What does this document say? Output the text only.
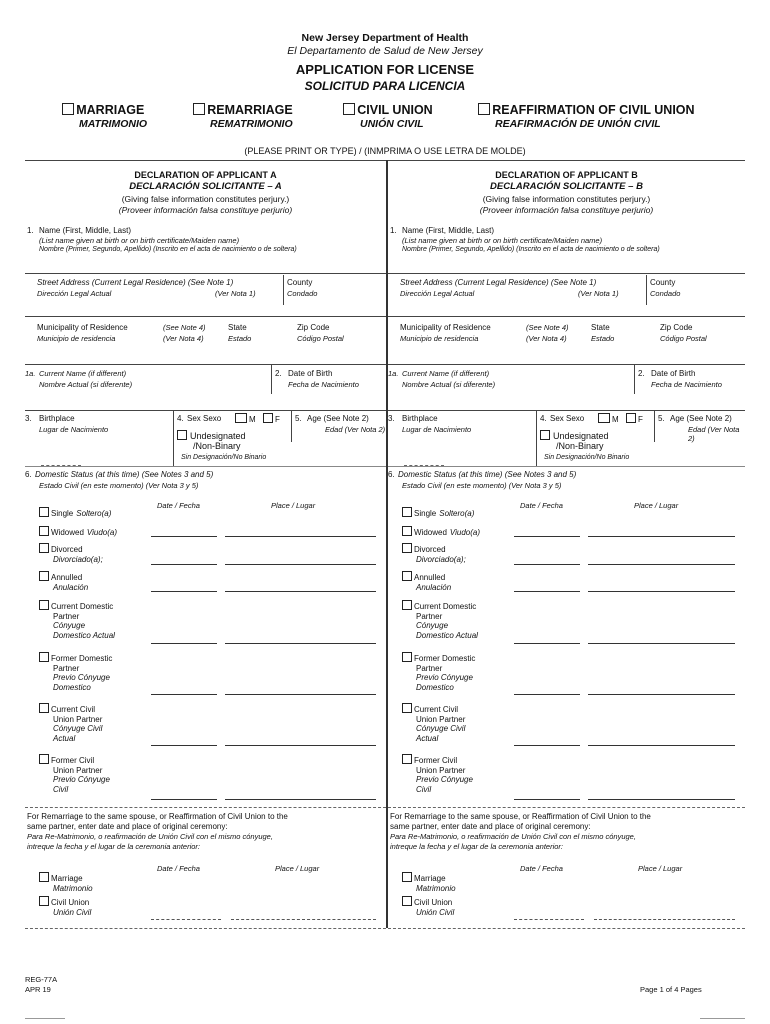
New Jersey Department of Health
El Departamento de Salud de New Jersey
APPLICATION FOR LICENSE
SOLICITUD PARA LICENCIA
MARRIAGE
MATRIMONIO
REMARRIAGE
REMATRIMONIO
CIVIL UNION
UNIÓN CIVIL
REAFFIRMATION OF CIVIL UNION
REAFIRMACIÓN DE UNIÓN CIVIL
(PLEASE PRINT OR TYPE) / (INMPRIMA O USE LETRA DE MOLDE)
DECLARATION OF APPLICANT A
DECLARACIÓN SOLICITANTE – A
(Giving false information constitutes perjury.)
(Proveer información falsa constituye perjurio)
1. Name (First, Middle, Last)
(List name given at birth or on birth certificate/Maiden name)
Nombre (Primer, Segundo, Apellido) (Inscrito en el acta de nacimiento o de soltera)
Street Address (Current Legal Residence) (See Note 1)
Dirección Legal Actual	(Ver Nota 1)
County
Condado
Municipality of Residence
Municipio de residencia
(See Note 4)
(Ver Nota 4)
State
Estado
Zip Code
Código Postal
1a. Current Name (if different)
Nombre Actual (si diferente)
2. Date of Birth
Fecha de Nacimiento
3. Birthplace
Lugar de Nacimiento
4. Sex Sexo	M	F
Undesignated
/Non-Binary
Sin Designación/No Binario
5. Age (See Note 2)
Edad (Ver Nota 2)
6. Domestic Status (at this time) (See Notes 3 and 5)
Estado Civil (en este momento) (Ver Nota 3 y 5)
Date / Fecha	Place / Lugar
Single Soltero(a)
Widowed Viudo(a)
Divorced
Divorciado(a);
Annulled
Anulación
Current Domestic
Partner
Cónyuge
Domestico Actual
Former Domestic
Partner
Previo Cónyuge
Domestico
Current Civil
Union Partner
Cónyuge Civil
Actual
Former Civil
Union Partner
Previo Cónyuge
Civil
For Remarriage to the same spouse, or Reaffirmation of Civil Union to the
same partner, enter date and place of original ceremony:
Para Re-Matrimonio, o reafirmación de Unión Civil con el mismo cónyuge,
intreque la fecha y el lugar de la ceremonia anterior:
Date / Fecha	Place / Lugar
Marriage
Matrimonio
Civil Union
Unión Civil
DECLARATION OF APPLICANT B
DECLARACIÓN SOLICITANTE – B
(Giving false information constitutes perjury.)
(Proveer información falsa constituye perjurio)
1. Name (First, Middle, Last)
(List name given at birth or on birth certificate/Maiden name)
Nombre (Primer, Segundo, Apellido) (Inscrito en el acta de nacimiento o de soltera)
Street Address (Current Legal Residence) (See Note 1)
Dirección Legal Actual	(Ver Nota 1)
County
Condado
Municipality of Residence
Municipio de residencia
(See Note 4)
(Ver Nota 4)
State
Estado
Zip Code
Código Postal
1a. Current Name (if different)
Nombre Actual (si diferente)
2. Date of Birth
Fecha de Nacimiento
3. Birthplace
Lugar de Nacimiento
4. Sex Sexo	M	F
Undesignated
/Non-Binary
Sin Designación/No Binario
5. Age (See Note 2)
Edad (Ver Nota 2)
6. Domestic Status (at this time) (See Notes 3 and 5)
Estado Civil (en este momento) (Ver Nota 3 y 5)
Date / Fecha	Place / Lugar
Single Soltero(a)
Widowed Viudo(a)
Divorced
Divorciado(a);
Annulled
Anulación
Current Domestic
Partner
Cónyuge
Domestico Actual
Former Domestic
Partner
Previo Cónyuge
Domestico
Current Civil
Union Partner
Cónyuge Civil
Actual
Former Civil
Union Partner
Previo Cónyuge
Civil
For Remarriage to the same spouse, or Reaffirmation of Civil Union to the
same partner, enter date and place of original ceremony:
Para Re-Matrimonio, o reafirmación de Unión Civil con el mismo cónyuge,
intreque la fecha y el lugar de la ceremonia anterior:
Date / Fecha	Place / Lugar
Marriage
Matrimonio
Civil Union
Unión Civil
REG-77A
APR 19	Page 1 of 4 Pages
